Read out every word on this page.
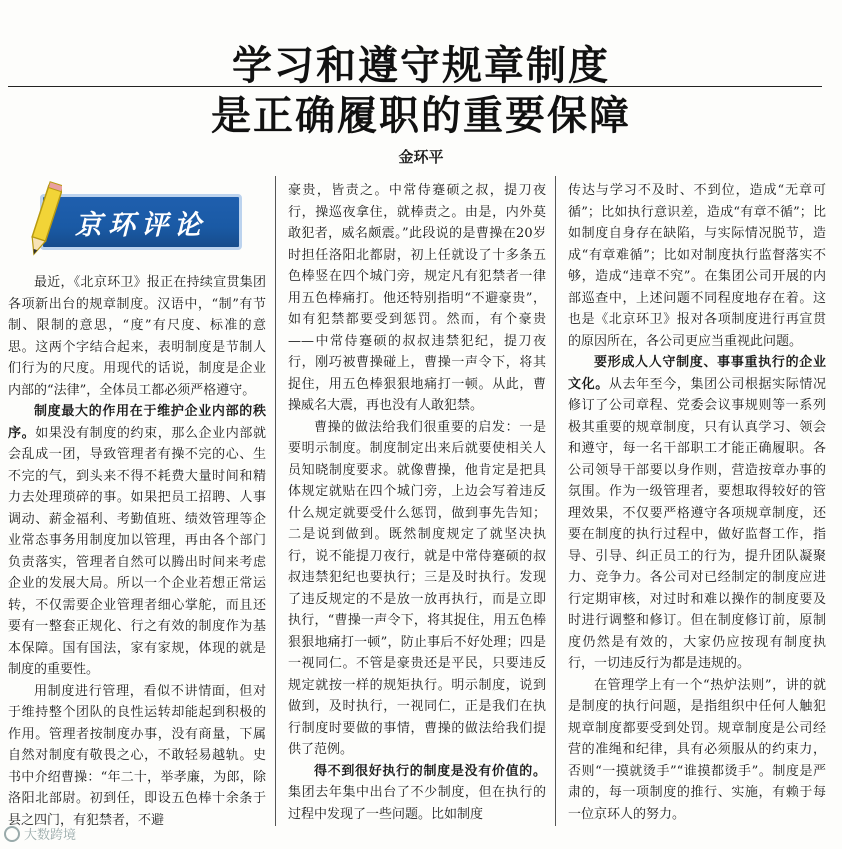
学习和遵守规章制度
是正确履职的重要保障
金环平
京环评论

最近，《北京环卫》报正在持续宣贯集团各项新出台的规章制度。汉语中，“制”有节制、限制的意思，“度”有尺度、标准的意思。这两个字结合起来，表明制度是节制人们行为的尺度。用现代的话说，制度是企业内部的“法律”，全体员工都必须严格遵守。

制度最大的作用在于维护企业内部的秩序。如果没有制度的约束，那么企业内部就会乱成一团，导致管理者有操不完的心、生不完的气，到头来不得不耗费大量时间和精力去处理琐碎的事。如果把员工招聘、人事调动、薪金福利、考勤值班、绩效管理等企业常态事务用制度加以管理，再由各个部门负责落实，管理者自然可以腾出时间来考虑企业的发展大局。所以一个企业若想正常运转，不仅需要企业管理者细心掌舵，而且还要有一整套正规化、行之有效的制度作为基本保障。国有国法，家有家规，体现的就是制度的重要性。

用制度进行管理，看似不讲情面，但对于维持整个团队的良性运转却能起到积极的作用。管理者按制度办事，没有商量，下属自然对制度有敬畏之心，不敢轻易越轨。史书中介绍曹操：“年二十，举孝廉，为郎，除洛阳北部尉。初到任，即设五色棒十余条于县之四门，有犯禁者，不避

豪贵，皆责之。中常侍蹇硕之叔，提刀夜行，操巡夜拿住，就棒责之。由是，内外莫敢犯者，威名颇震。”此段说的是曹操在20岁时担任洛阳北都尉，初上任就设了十多条五色棒竖在四个城门旁，规定凡有犯禁者一律用五色棒痛打。他还特别指明“不避豪贵”，如有犯禁都要受到惩罚。然而，有个豪贵——中常侍蹇硕的叔叔违禁犯纪，提刀夜行，刚巧被曹操碰上，曹操一声令下，将其捉住，用五色棒狠狠地痛打一顿。从此，曹操威名大震，再也没有人敢犯禁。

曹操的做法给我们很重要的启发：一是要明示制度。制度制定出来后就要使相关人员知晓制度要求。就像曹操，他肯定是把具体规定就贴在四个城门旁，上边会写着违反什么规定就要受什么惩罚，做到事先告知；二是说到做到。既然制度规定了就坚决执行，说不能提刀夜行，就是中常侍蹇硕的叔叔违禁犯纪也要执行；三是及时执行。发现了违反规定的不是放一放再执行，而是立即执行，“曹操一声令下，将其捉住，用五色棒狠狠地痛打一顿”，防止事后不好处理；四是一视同仁。不管是豪贵还是平民，只要违反规定就按一样的规矩执行。明示制度，说到做到，及时执行，一视同仁，正是我们在执行制度时要做的事情，曹操的做法给我们提供了范例。

得不到很好执行的制度是没有价值的。集团去年集中出台了不少制度，但在执行的过程中发现了一些问题。比如制度

传达与学习不及时、不到位，造成“无章可循”；比如执行意识差，造成“有章不循”；比如制度自身存在缺陷，与实际情况脱节，造成“有章难循”；比如对制度执行监督落实不够，造成“违章不究”。在集团公司开展的内部巡查中，上述问题不同程度地存在着。这也是《北京环卫》报对各项制度进行再宣贯的原因所在，各公司更应当重视此问题。

要形成人人守制度、事事重执行的企业文化。从去年至今，集团公司根据实际情况修订了公司章程、党委会议事规则等一系列极其重要的规章制度，只有认真学习、领会和遵守，每一名干部职工才能正确履职。各公司领导干部要以身作则，营造按章办事的氛围。作为一级管理者，要想取得较好的管理效果，不仅要严格遵守各项规章制度，还要在制度的执行过程中，做好监督工作，指导、引导、纠正员工的行为，提升团队凝聚力、竞争力。各公司对已经制定的制度应进行定期审核，对过时和难以操作的制度要及时进行调整和修订。但在制度修订前，原制度仍然是有效的，大家仍应按现有制度执行，一切违反行为都是违规的。

在管理学上有一个“热炉法则”，讲的就是制度的执行问题，是指组织中任何人触犯规章制度都要受到处罚。规章制度是公司经营的准绳和纪律，具有必须服从的约束力，否则“一摸就烫手”“谁摸都烫手”。制度是严肃的，每一项制度的推行、实施，有赖于每一位京环人的努力。

大数跨境
